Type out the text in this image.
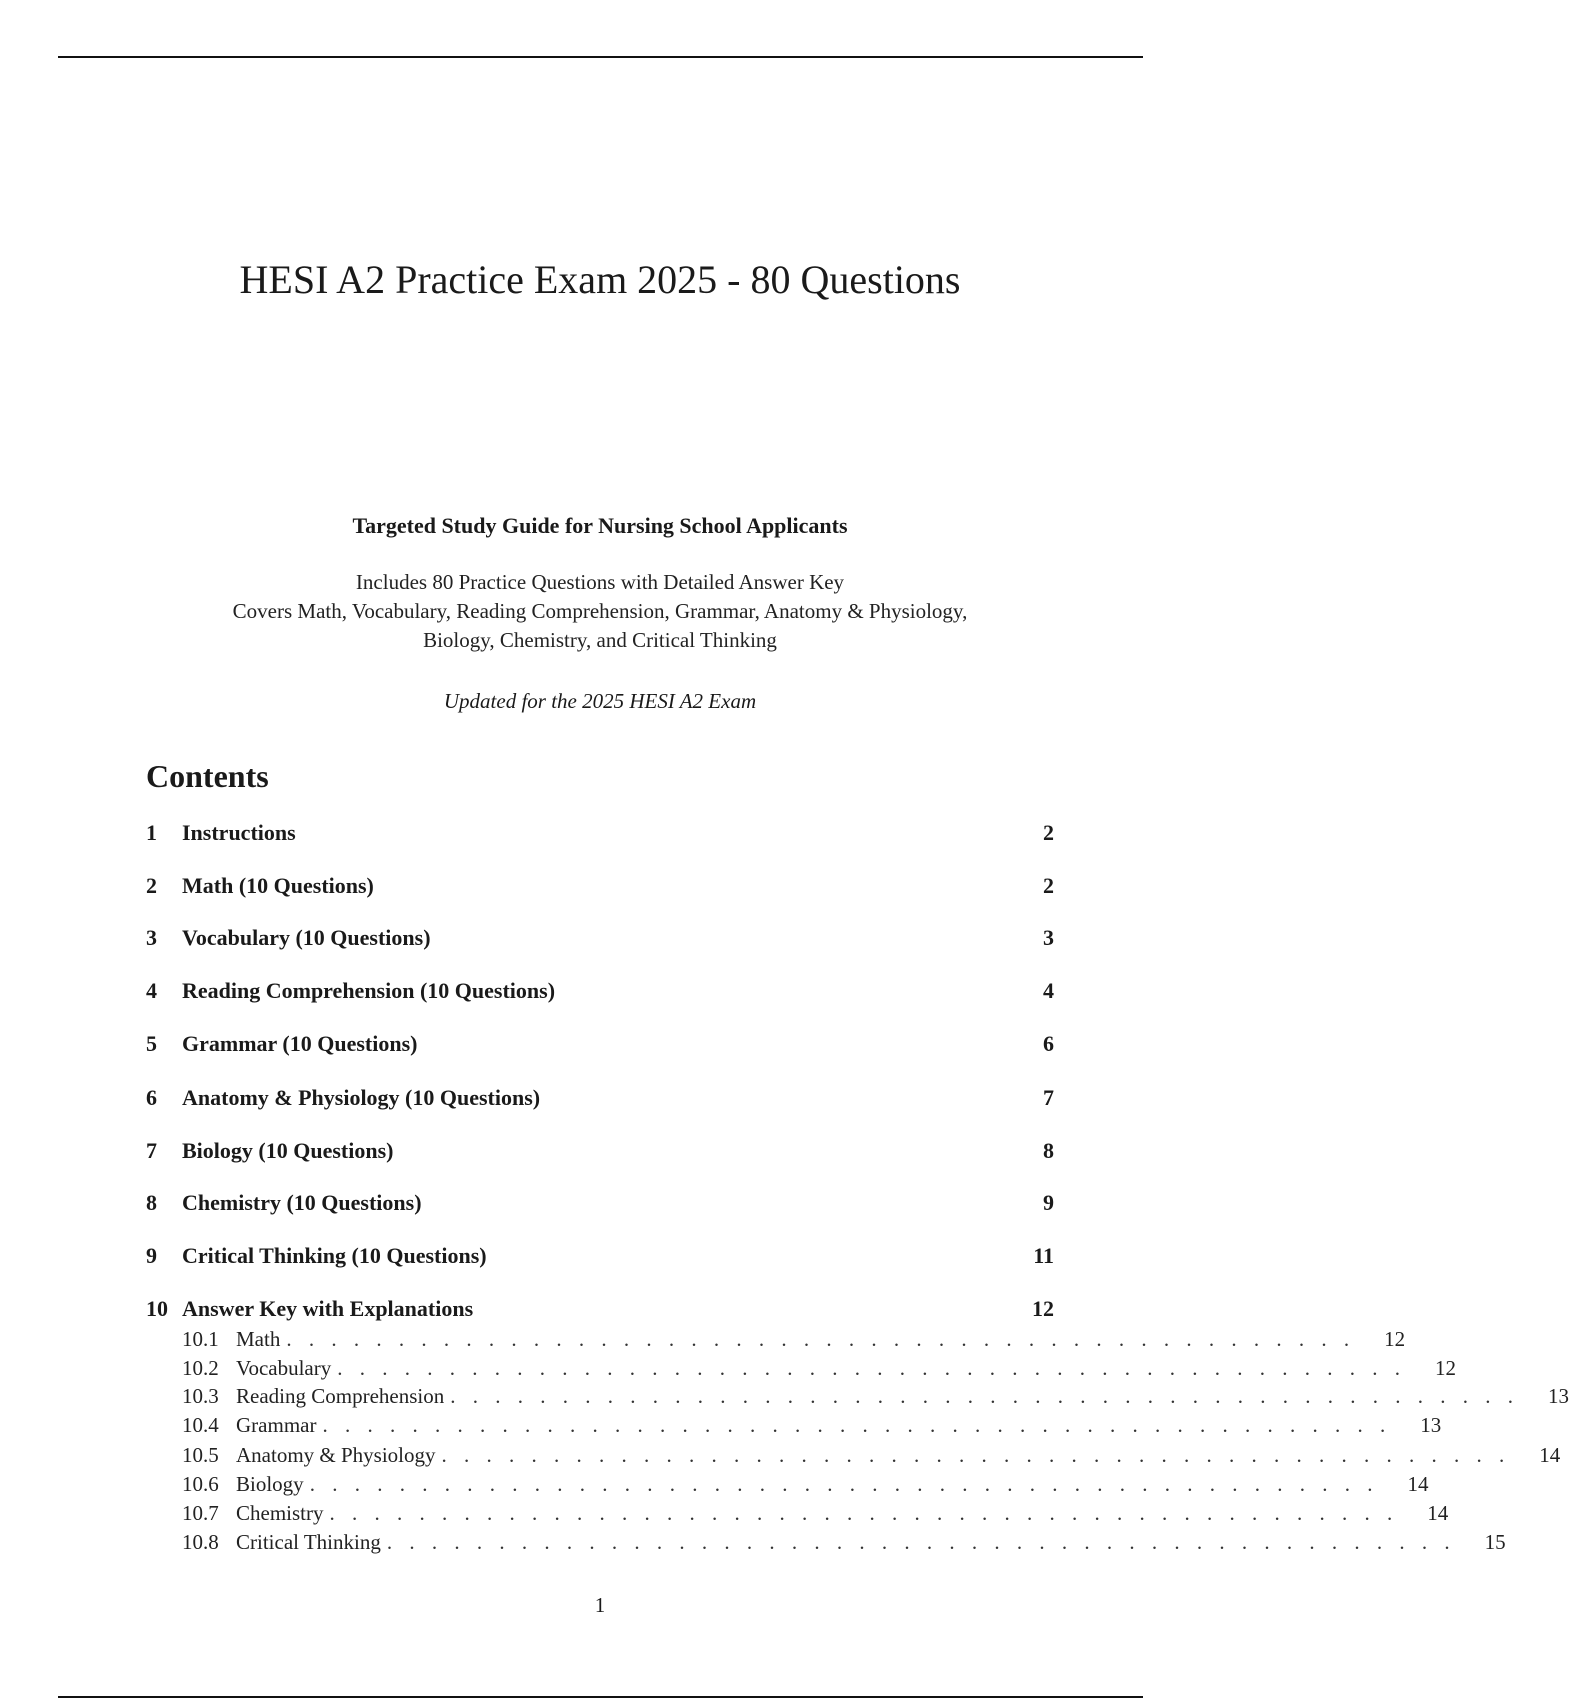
HESI A2 Practice Exam 2025 - 80 Questions
Targeted Study Guide for Nursing School Applicants
Includes 80 Practice Questions with Detailed Answer Key
Covers Math, Vocabulary, Reading Comprehension, Grammar, Anatomy & Physiology,
Biology, Chemistry, and Critical Thinking
Updated for the 2025 HESI A2 Exam
Contents
1	Instructions	2
2	Math (10 Questions)	2
3	Vocabulary (10 Questions)	3
4	Reading Comprehension (10 Questions)	4
5	Grammar (10 Questions)	6
6	Anatomy & Physiology (10 Questions)	7
7	Biology (10 Questions)	8
8	Chemistry (10 Questions)	9
9	Critical Thinking (10 Questions)	11
10 Answer Key with Explanations	12
10.1 Math . . . . . . . . . . . . . . . . . . . . . . . . . . . . . . . . . . . . . . . . . . . . . . . .	12
10.2 Vocabulary . . . . . . . . . . . . . . . . . . . . . . . . . . . . . . . . . . . . . . . . . . . . . . . .	12
10.3 Reading Comprehension . . . . . . . . . . . . . . . . . . . . . . . . . . . . . . . . . . . . . . . . . . . . . . . .	13
10.4 Grammar . . . . . . . . . . . . . . . . . . . . . . . . . . . . . . . . . . . . . . . . . . . . . . . .	13
10.5 Anatomy & Physiology . . . . . . . . . . . . . . . . . . . . . . . . . . . . . . . . . . . . . . . . . . . . . . . .	14
10.6 Biology . . . . . . . . . . . . . . . . . . . . . . . . . . . . . . . . . . . . . . . . . . . . . . . .	14
10.7 Chemistry . . . . . . . . . . . . . . . . . . . . . . . . . . . . . . . . . . . . . . . . . . . . . . . .	14
10.8 Critical Thinking . . . . . . . . . . . . . . . . . . . . . . . . . . . . . . . . . . . . . . . . . . . . . . . .	15
1
